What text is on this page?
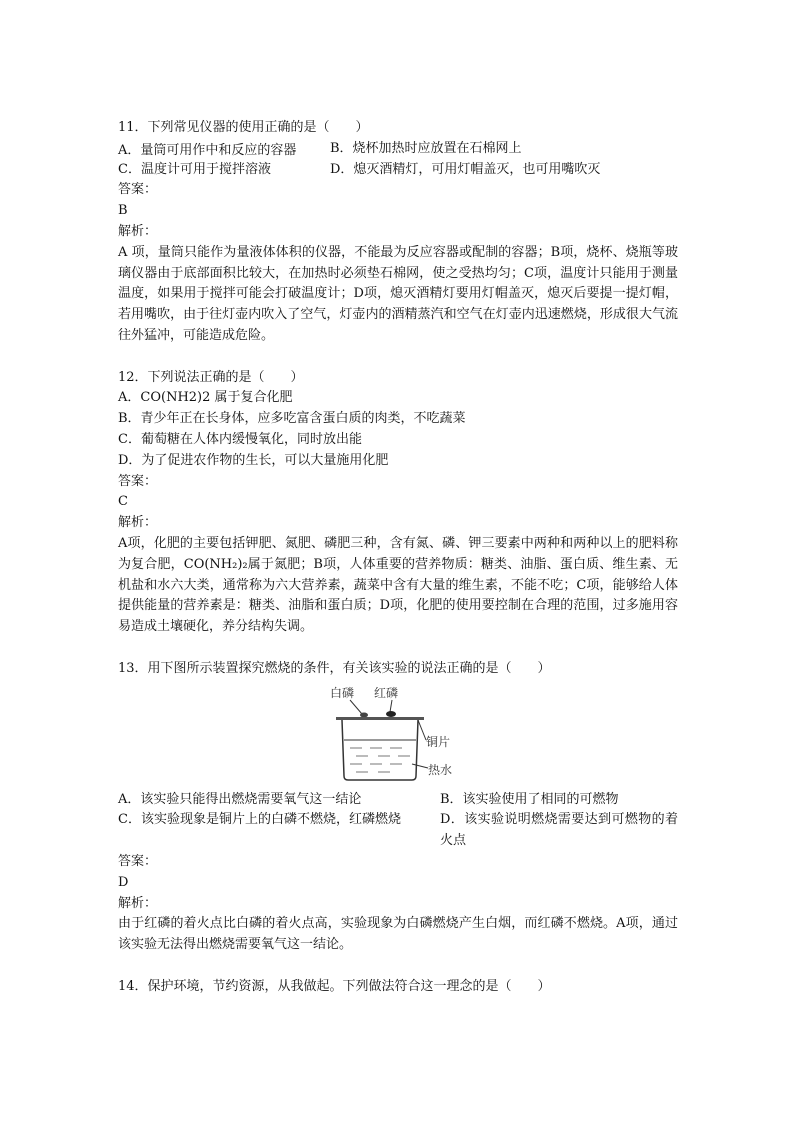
11．下列常见仪器的使用正确的是（　　）
A．量筒可用作中和反应的容器	B．烧杯加热时应放置在石棉网上
C．温度计可用于搅拌溶液	D．熄灭酒精灯，可用灯帽盖灭，也可用嘴吹灭
答案：
B
解析：
A 项，量筒只能作为量液体体积的仪器，不能最为反应容器或配制的容器；B项，烧杯、烧瓶等玻璃仪器由于底部面积比较大，在加热时必须垫石棉网，使之受热均匀；C项，温度计只能用于测量温度，如果用于搅拌可能会打破温度计；D项，熄灭酒精灯要用灯帽盖灭，熄灭后要提一提灯帽，若用嘴吹，由于往灯壶内吹入了空气，灯壶内的酒精蒸汽和空气在灯壶内迅速燃烧，形成很大气流往外猛冲，可能造成危险。
12．下列说法正确的是（　　）
A．CO(NH2)2 属于复合化肥
B．青少年正在长身体，应多吃富含蛋白质的肉类，不吃蔬菜
C．葡萄糖在人体内缓慢氧化，同时放出能
D．为了促进农作物的生长，可以大量施用化肥
答案：
C
解析：
A项，化肥的主要包括钾肥、氮肥、磷肥三种，含有氮、磷、钾三要素中两种和两种以上的肥料称为复合肥，CO(NH₂)₂属于氮肥；B项，人体重要的营养物质：糖类、油脂、蛋白质、维生素、无机盐和水六大类，通常称为六大营养素，蔬菜中含有大量的维生素，不能不吃；C项，能够给人体提供能量的营养素是：糖类、油脂和蛋白质；D项，化肥的使用要控制在合理的范围，过多施用容易造成土壤硬化，养分结构失调。
13．用下图所示装置探究燃烧的条件，有关该实验的说法正确的是（　　）
白磷 红磷
铜片
热水
A．该实验只能得出燃烧需要氧气这一结论	B．该实验使用了相同的可燃物
C．该实验现象是铜片上的白磷不燃烧，红磷燃烧	D．该实验说明燃烧需要达到可燃物的着火点
答案：
D
解析：
由于红磷的着火点比白磷的着火点高，实验现象为白磷燃烧产生白烟，而红磷不燃烧。A项，通过该实验无法得出燃烧需要氧气这一结论。
14．保护环境，节约资源，从我做起。下列做法符合这一理念的是（　　）
